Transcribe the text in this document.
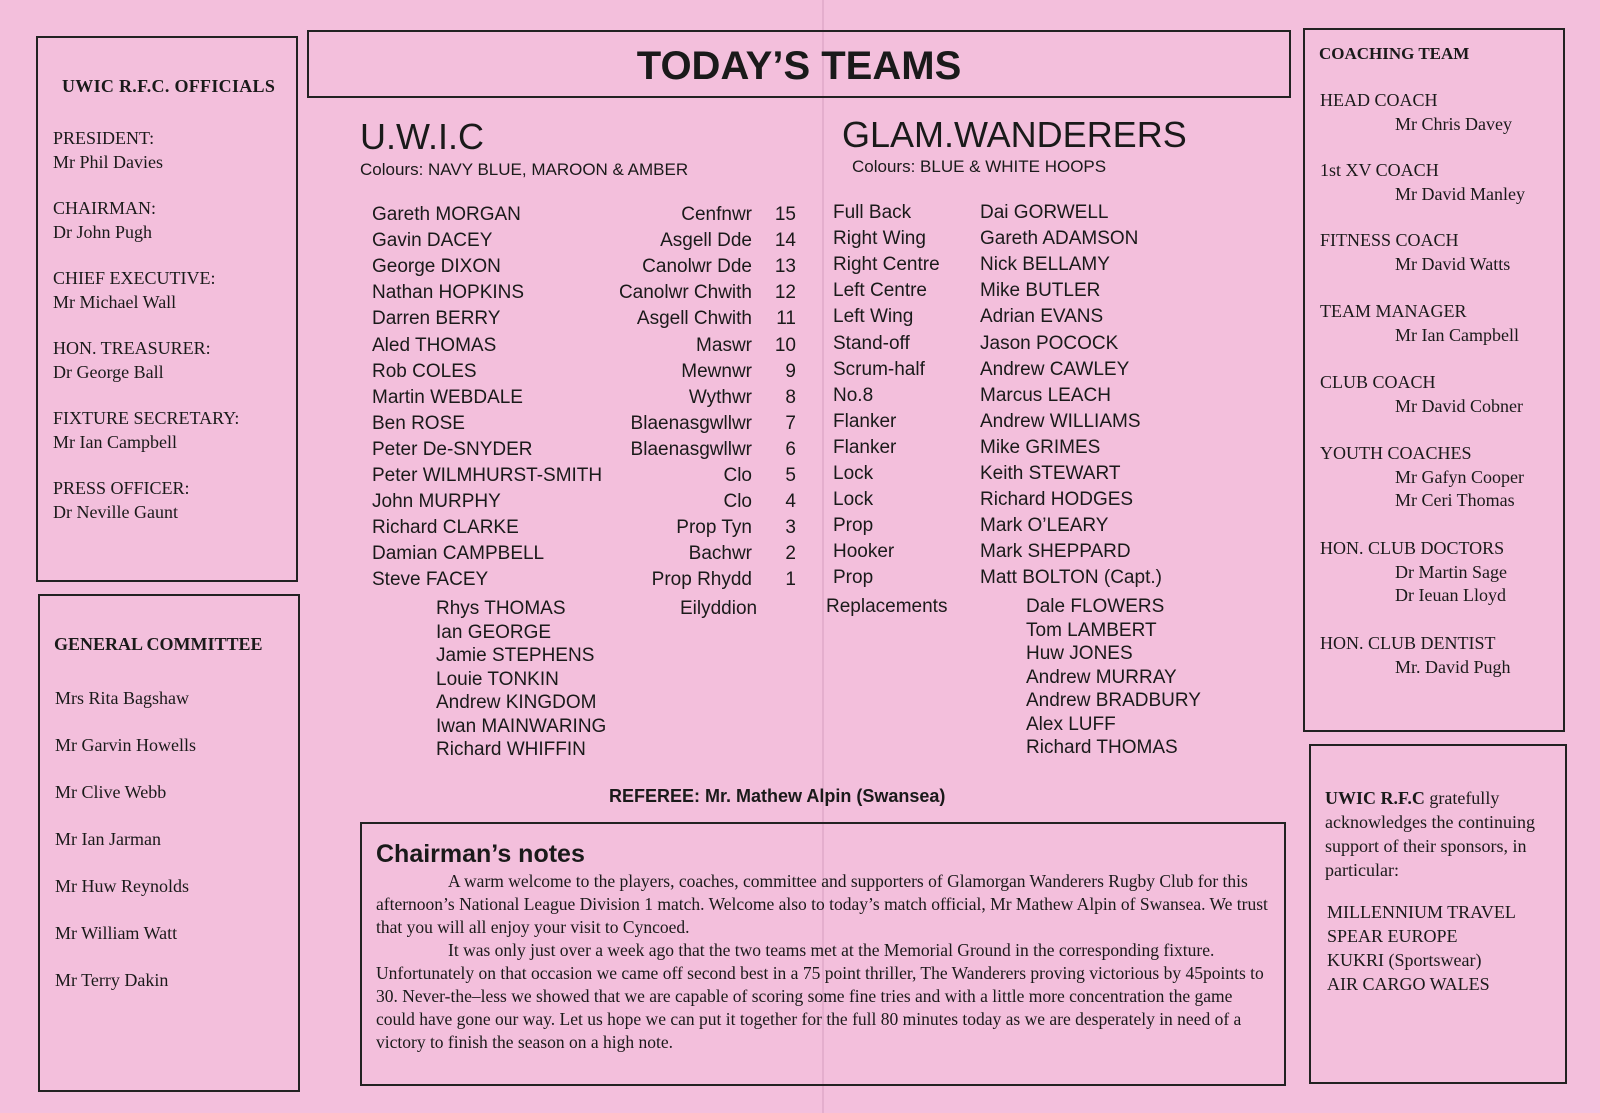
UWIC R.F.C. OFFICIALS
PRESIDENT:
Mr Phil Davies
CHAIRMAN:
Dr John Pugh
CHIEF EXECUTIVE:
Mr Michael Wall
HON. TREASURER:
Dr George Ball
FIXTURE SECRETARY:
Mr Ian Campbell
PRESS OFFICER:
Dr Neville Gaunt
GENERAL COMMITTEE
Mrs Rita Bagshaw
Mr Garvin Howells
Mr Clive Webb
Mr Ian Jarman
Mr Huw Reynolds
Mr William Watt
Mr Terry Dakin
TODAY’S TEAMS
U.W.I.C
Colours: NAVY BLUE, MAROON & AMBER
Gareth MORGAN	Cenfnwr 15
Gavin DACEY	Asgell Dde 14
George DIXON	Canolwr Dde 13
Nathan HOPKINS	Canolwr Chwith 12
Darren BERRY	Asgell Chwith 11
Aled THOMAS	Maswr 10
Rob COLES	Mewnwr 9
Martin WEBDALE	Wythwr 8
Ben ROSE	Blaenasgwllwr 7
Peter De-SNYDER	Blaenasgwllwr 6
Peter WILMHURST-SMITH	Clo 5
John MURPHY	Clo 4
Richard CLARKE	Prop Tyn 3
Damian CAMPBELL	Bachwr 2
Steve FACEY	Prop Rhydd 1
Eilyddion
Rhys THOMAS
Ian GEORGE
Jamie STEPHENS
Louie TONKIN
Andrew KINGDOM
Iwan MAINWARING
Richard WHIFFIN
GLAM.WANDERERS
Colours: BLUE & WHITE HOOPS
Full Back	Dai GORWELL
Right Wing	Gareth ADAMSON
Right Centre Nick BELLAMY
Left Centre	Mike BUTLER
Left Wing	Adrian EVANS
Stand-off	Jason POCOCK
Scrum-half	Andrew CAWLEY
No.8	Marcus LEACH
Flanker	Andrew WILLIAMS
Flanker	Mike GRIMES
Lock	Keith STEWART
Lock	Richard HODGES
Prop	Mark O’LEARY
Hooker	Mark SHEPPARD
Prop	Matt BOLTON (Capt.)
Replacements	Dale FLOWERS
Tom LAMBERT
Huw JONES
Andrew MURRAY
Andrew BRADBURY
Alex LUFF
Richard THOMAS
REFEREE: Mr. Mathew Alpin (Swansea)
Chairman’s notes
A warm welcome to the players, coaches, committee and supporters of Glamorgan Wanderers Rugby Club for this afternoon’s National League Division 1 match. Welcome also to today’s match official, Mr Mathew Alpin of Swansea. We trust that you will all enjoy your visit to Cyncoed.
It was only just over a week ago that the two teams met at the Memorial Ground in the corresponding fixture. Unfortunately on that occasion we came off second best in a 75 point thriller, The Wanderers proving victorious by 45points to 30. Never-the–less we showed that we are capable of scoring some fine tries and with a little more concentration the game could have gone our way. Let us hope we can put it together for the full 80 minutes today as we are desperately in need of a victory to finish the season on a high note.
COACHING TEAM
HEAD COACH
Mr Chris Davey
1st XV COACH
Mr David Manley
FITNESS COACH
Mr David Watts
TEAM MANAGER
Mr Ian Campbell
CLUB COACH
Mr David Cobner
YOUTH COACHES
Mr Gafyn Cooper
Mr Ceri Thomas
HON. CLUB DOCTORS
Dr Martin Sage
Dr Ieuan Lloyd
HON. CLUB DENTIST
Mr. David Pugh
UWIC R.F.C gratefully acknowledges the continuing support of their sponsors, in particular:
MILLENNIUM TRAVEL
SPEAR EUROPE
KUKRI (Sportswear)
AIR CARGO WALES
